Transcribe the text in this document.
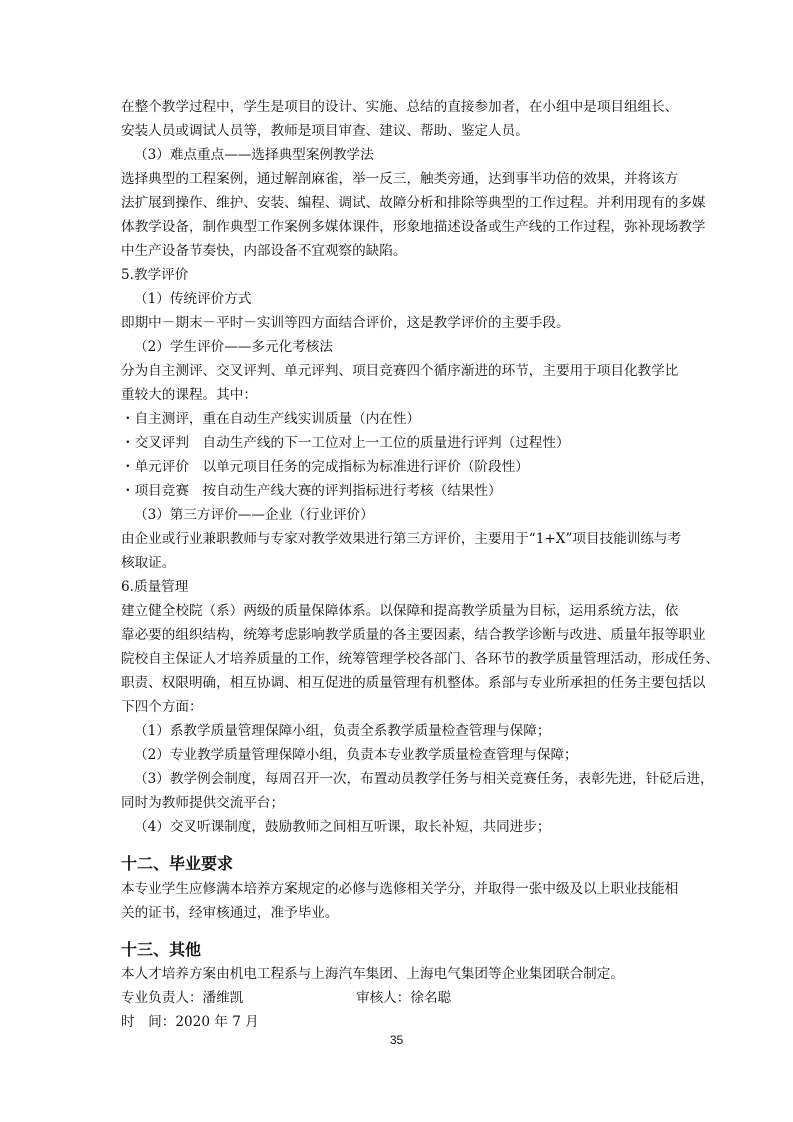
在整个教学过程中，学生是项目的设计、实施、总结的直接参加者，在小组中是项目组组长、

安装人员或调试人员等，教师是项目审查、建议、帮助、鉴定人员。

（3）难点重点——选择典型案例教学法

选择典型的工程案例，通过解剖麻雀，举一反三，触类旁通，达到事半功倍的效果，并将该方

法扩展到操作、维护、安装、编程、调试、故障分析和排除等典型的工作过程。并利用现有的多媒

体教学设备，制作典型工作案例多媒体课件，形象地描述设备或生产线的工作过程，弥补现场教学

中生产设备节奏快，内部设备不宜观察的缺陷。

5.教学评价

（1）传统评价方式

即期中－期末－平时－实训等四方面结合评价，这是教学评价的主要手段。

（2）学生评价——多元化考核法

分为自主测评、交叉评判、单元评判、项目竞赛四个循序渐进的环节，主要用于项目化教学比

重较大的课程。其中：

・自主测评，重在自动生产线实训质量（内在性）

・交叉评判　自动生产线的下一工位对上一工位的质量进行评判（过程性）

・单元评价　以单元项目任务的完成指标为标准进行评价（阶段性）

・项目竞赛　按自动生产线大赛的评判指标进行考核（结果性）

（3）第三方评价——企业（行业评价）

由企业或行业兼职教师与专家对教学效果进行第三方评价，主要用于“1+X”项目技能训练与考

核取证。

6.质量管理

建立健全校院（系）两级的质量保障体系。以保障和提高教学质量为目标，运用系统方法，依

靠必要的组织结构，统筹考虑影响教学质量的各主要因素，结合教学诊断与改进、质量年报等职业

院校自主保证人才培养质量的工作，统筹管理学校各部门、各环节的教学质量管理活动，形成任务、

职责、权限明确，相互协调、相互促进的质量管理有机整体。系部与专业所承担的任务主要包括以

下四个方面：

（1）系教学质量管理保障小组，负责全系教学质量检查管理与保障；

（2）专业教学质量管理保障小组，负责本专业教学质量检查管理与保障；

（3）教学例会制度，每周召开一次，布置动员教学任务与相关竞赛任务，表彰先进，针砭后进，

同时为教师提供交流平台；

（4）交叉听课制度，鼓励教师之间相互听课，取长补短，共同进步；

十二、毕业要求

本专业学生应修满本培养方案规定的必修与选修相关学分，并取得一张中级及以上职业技能相

关的证书，经审核通过，准予毕业。

十三、其他

本人才培养方案由机电工程系与上海汽车集团、上海电气集团等企业集团联合制定。

专业负责人：潘维凯	审核人：徐名聪

时　间：2020 年 7 月

35
